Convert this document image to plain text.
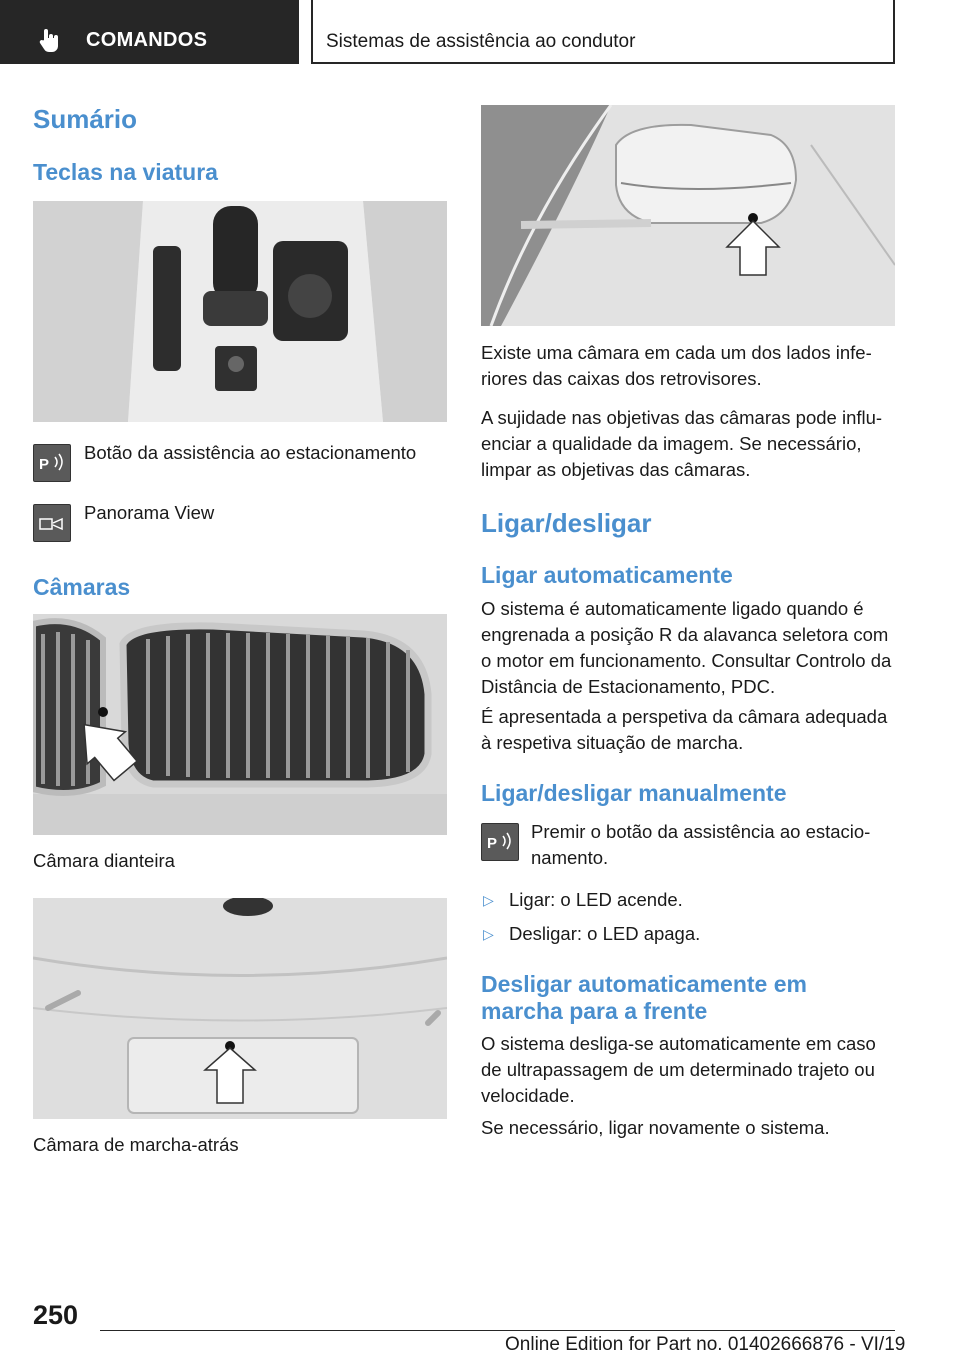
COMANDOS	Sistemas de assistência ao condutor
Sumário
Teclas na viatura
P
Botão da assistência ao estacionamento
Panorama View
Câmaras
Câmara dianteira
Câmara de marcha-atrás
Existe uma câmara em cada um dos lados infe-riores das caixas dos retrovisores.
A sujidade nas objetivas das câmaras pode influ-enciar a qualidade da imagem. Se necessário, limpar as objetivas das câmaras.
Ligar/desligar
Ligar automaticamente
O sistema é automaticamente ligado quando é engrenada a posição R da alavanca seletora com o motor em funcionamento. Consultar Controlo da Distância de Estacionamento, PDC.
É apresentada a perspetiva da câmara adequada à respetiva situação de marcha.
Ligar/desligar manualmente
P
Premir o botão da assistência ao estacio-namento.
▷ Ligar: o LED acende.
▷ Desligar: o LED apaga.
Desligar automaticamente em marcha para a frente
O sistema desliga-se automaticamente em caso de ultrapassagem de um determinado trajeto ou velocidade.
Se necessário, ligar novamente o sistema.
250
Online Edition for Part no. 01402666876 - VI/19
